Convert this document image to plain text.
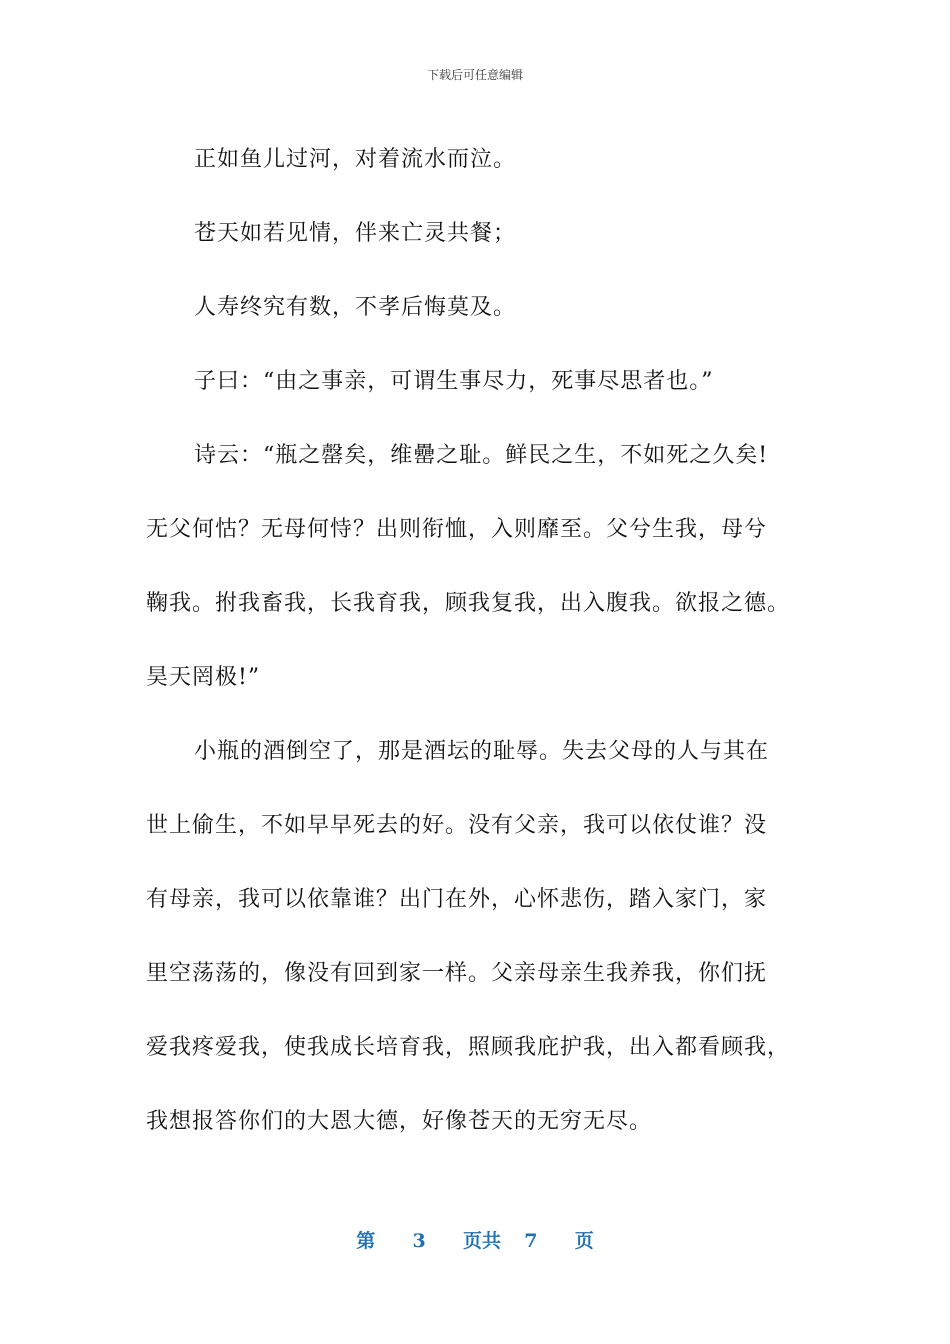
下载后可任意编辑

正如鱼儿过河，对着流水而泣。

苍天如若见情，伴来亡灵共餐；

人寿终究有数，不孝后悔莫及。

子曰：“由之事亲，可谓生事尽力，死事尽思者也。”

诗云：“瓶之罄矣，维罍之耻。鲜民之生，不如死之久矣!

无父何怙？无母何恃？出则衔恤，入则靡至。父兮生我，母兮

鞠我。拊我畜我，长我育我，顾我复我，出入腹我。欲报之德。

昊天罔极!”

小瓶的酒倒空了，那是酒坛的耻辱。失去父母的人与其在

世上偷生，不如早早死去的好。没有父亲，我可以依仗谁？没

有母亲，我可以依靠谁？出门在外，心怀悲伤，踏入家门，家

里空荡荡的，像没有回到家一样。父亲母亲生我养我，你们抚

爱我疼爱我，使我成长培育我，照顾我庇护我，出入都看顾我，

我想报答你们的大恩大德，好像苍天的无穷无尽。

第 3 页共 7 页
